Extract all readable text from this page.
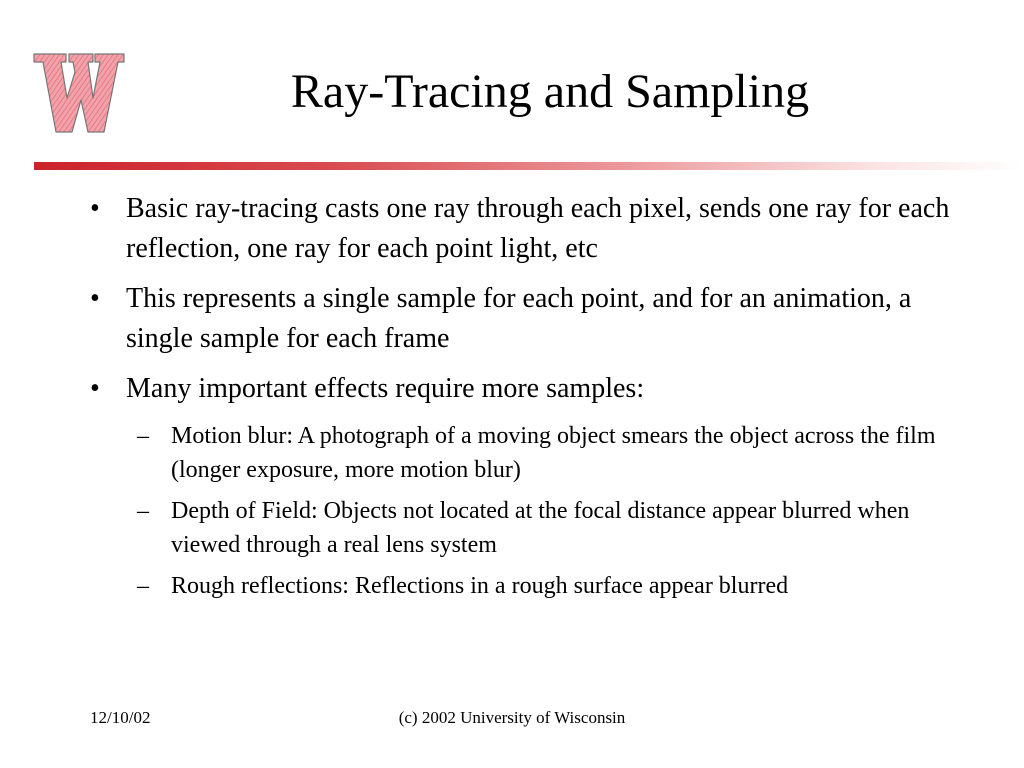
Ray-Tracing and Sampling
• Basic ray-tracing casts one ray through each pixel, sends one ray for each reflection, one ray for each point light, etc
• This represents a single sample for each point, and for an animation, a single sample for each frame
• Many important effects require more samples:
– Motion blur: A photograph of a moving object smears the object across the film (longer exposure, more motion blur)
– Depth of Field: Objects not located at the focal distance appear blurred when viewed through a real lens system
– Rough reflections: Reflections in a rough surface appear blurred
12/10/02	(c) 2002 University of Wisconsin
